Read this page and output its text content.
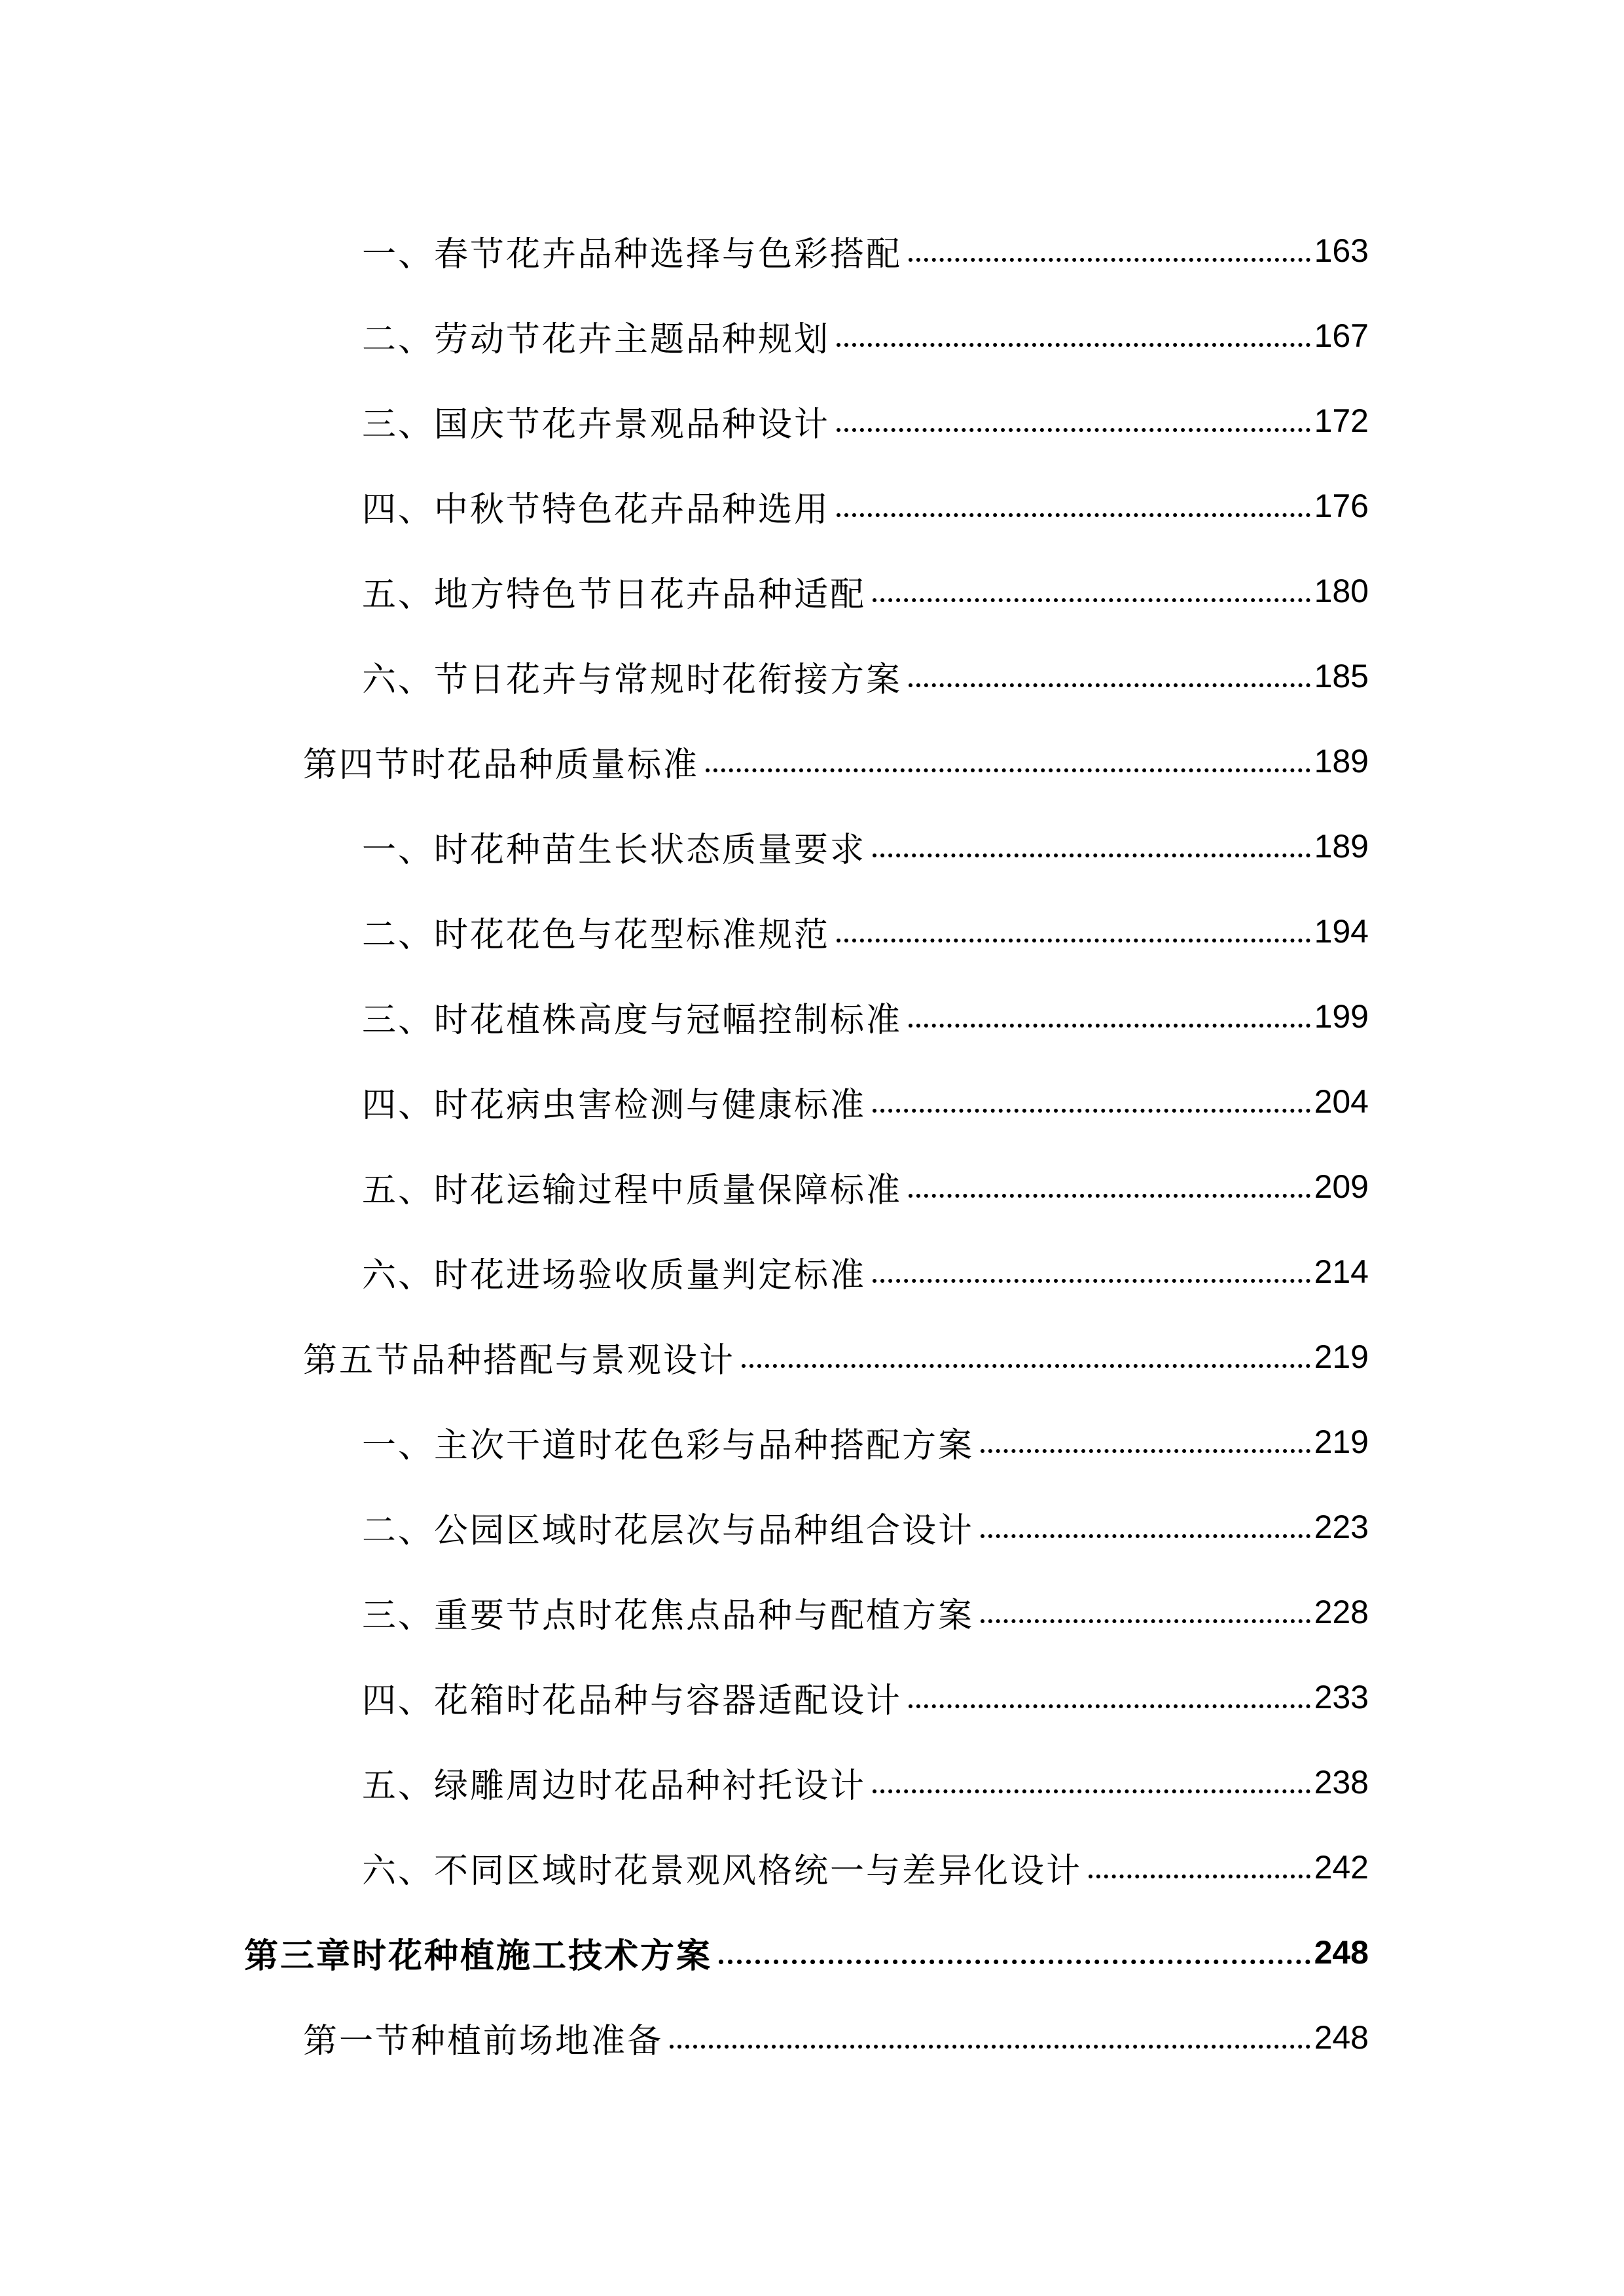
一、春节花卉品种选择与色彩搭配	163
二、劳动节花卉主题品种规划	167
三、国庆节花卉景观品种设计	172
四、中秋节特色花卉品种选用	176
五、地方特色节日花卉品种适配	180
六、节日花卉与常规时花衔接方案	185
第四节时花品种质量标准	189
一、时花种苗生长状态质量要求	189
二、时花花色与花型标准规范	194
三、时花植株高度与冠幅控制标准	199
四、时花病虫害检测与健康标准	204
五、时花运输过程中质量保障标准	209
六、时花进场验收质量判定标准	214
第五节品种搭配与景观设计	219
一、主次干道时花色彩与品种搭配方案	219
二、公园区域时花层次与品种组合设计	223
三、重要节点时花焦点品种与配植方案	228
四、花箱时花品种与容器适配设计	233
五、绿雕周边时花品种衬托设计	238
六、不同区域时花景观风格统一与差异化设计	242
第三章时花种植施工技术方案	248
第一节种植前场地准备	248
